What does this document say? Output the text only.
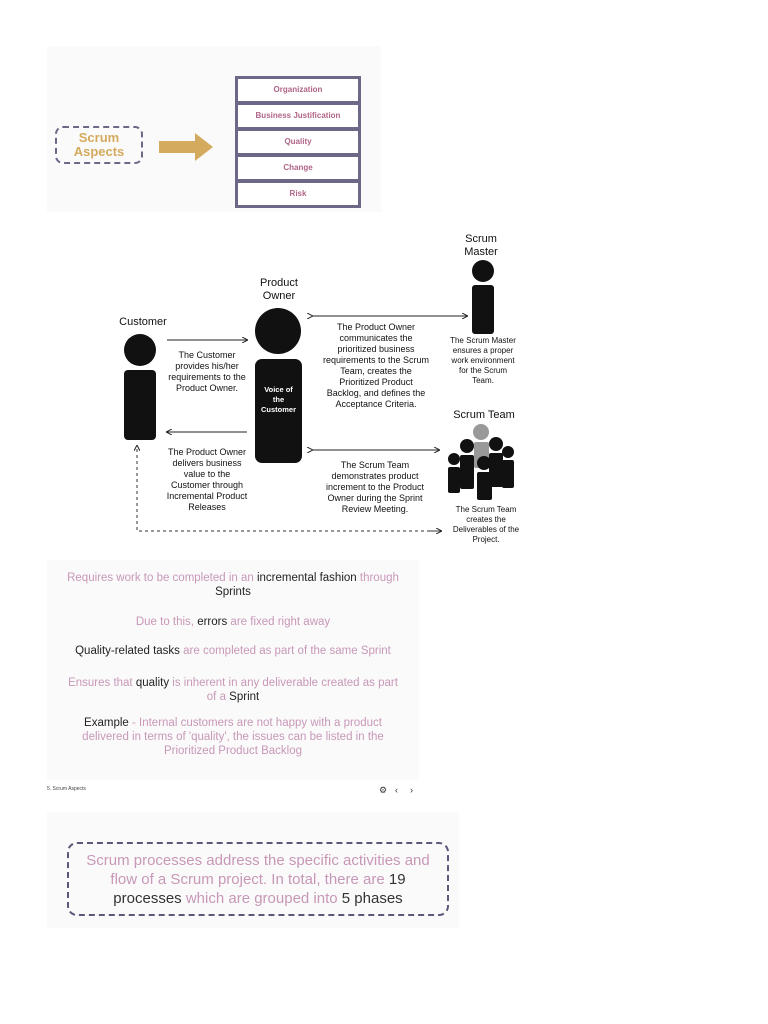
Scrum
Aspects
Organization
Business Justification
Quality
Change
Risk
Customer
Product
Owner
Scrum
Master
Scrum Team
Voice of
the
Customer
The Customer
provides his/her
requirements to the
Product Owner.
The Product Owner
delivers business
value to the
Customer through
Incremental Product
Releases
The Product Owner
communicates the
prioritized business
requirements to the Scrum
Team, creates the
Prioritized Product
Backlog, and defines the
Acceptance Criteria.
The Scrum Team
demonstrates product
increment to the Product
Owner during the Sprint
Review Meeting.
The Scrum Master
ensures a proper
work environment
for the Scrum
Team.
The Scrum Team
creates the
Deliverables of the
Project.
Requires work to be completed in an incremental fashion through
Sprints
Due to this, errors are fixed right away
Quality-related tasks are completed as part of the same Sprint
Ensures that quality is inherent in any deliverable created as part
of a Sprint
Example - Internal customers are not happy with a product
delivered in terms of 'quality', the issues can be listed in the
Prioritized Product Backlog
5. Scrum Aspects	⚙ ‹ ›
Scrum processes address the specific activities and
flow of a Scrum project. In total, there are 19
processes which are grouped into 5 phases
